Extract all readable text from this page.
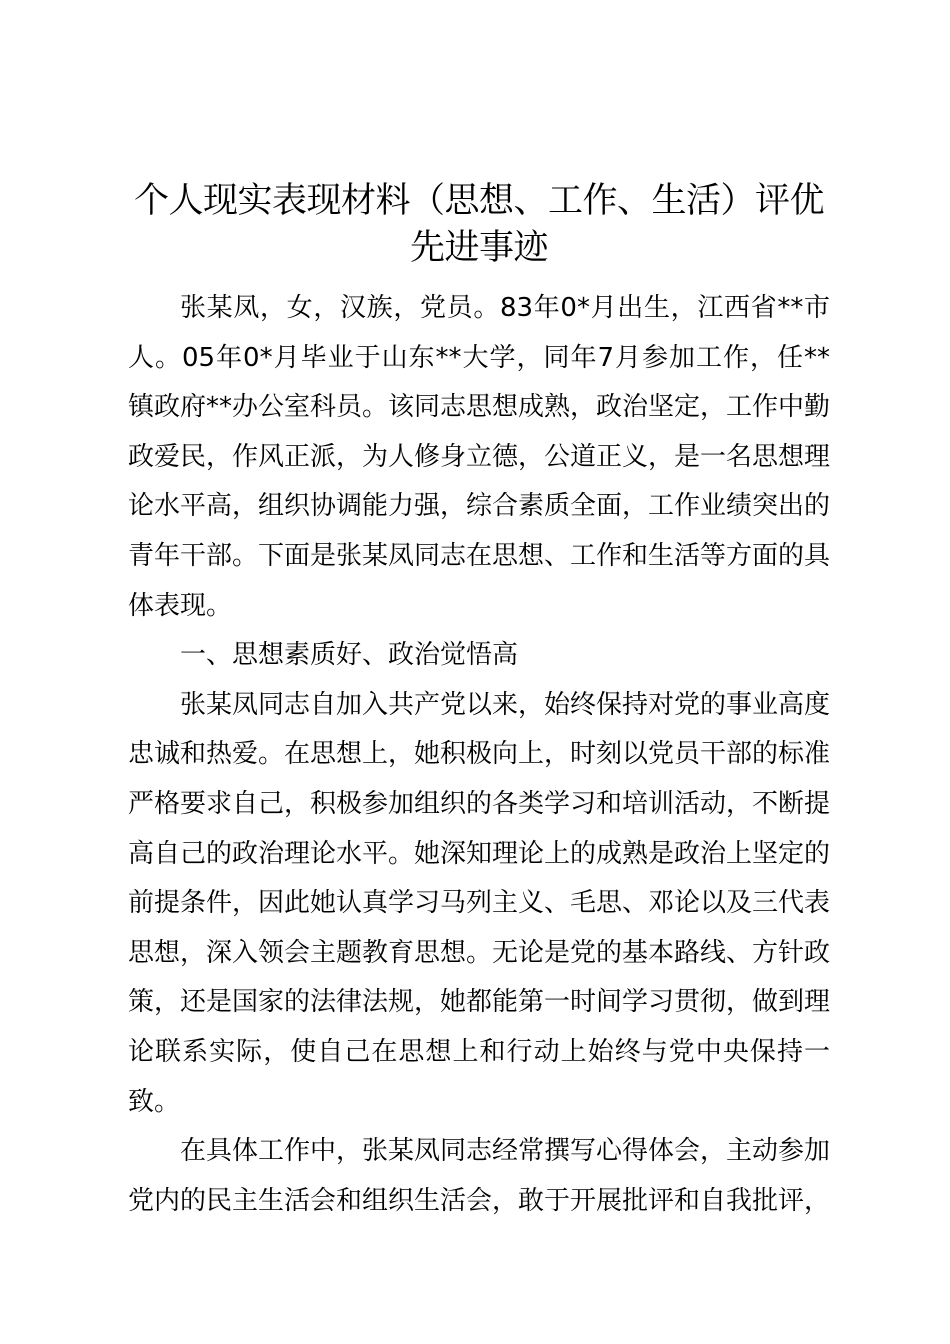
个人现实表现材料（思想、工作、生活）评优先进事迹

张某凤，女，汉族，党员。83年0*月出生，江西省**市人。05年0*月毕业于山东**大学，同年7月参加工作，任**镇政府**办公室科员。该同志思想成熟，政治坚定，工作中勤政爱民，作风正派，为人修身立德，公道正义，是一名思想理论水平高，组织协调能力强，综合素质全面，工作业绩突出的青年干部。下面是张某凤同志在思想、工作和生活等方面的具体表现。

一、思想素质好、政治觉悟高

张某凤同志自加入共产党以来，始终保持对党的事业高度忠诚和热爱。在思想上，她积极向上，时刻以党员干部的标准严格要求自己，积极参加组织的各类学习和培训活动，不断提高自己的政治理论水平。她深知理论上的成熟是政治上坚定的前提条件，因此她认真学习马列主义、毛思、邓论以及三代表思想，深入领会主题教育思想。无论是党的基本路线、方针政策，还是国家的法律法规，她都能第一时间学习贯彻，做到理论联系实际，使自己在思想上和行动上始终与党中央保持一致。

在具体工作中，张某凤同志经常撰写心得体会，主动参加党内的民主生活会和组织生活会，敢于开展批评和自我批评，
